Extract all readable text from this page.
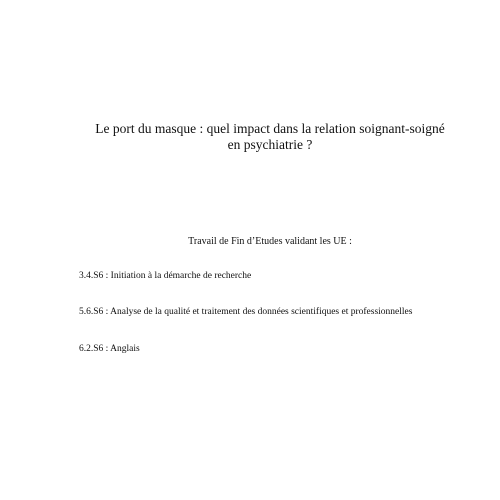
Le port du masque : quel impact dans la relation soignant-soigné
en psychiatrie ?
Travail de Fin d’Etudes validant les UE :
3.4.S6 : Initiation à la démarche de recherche
5.6.S6 : Analyse de la qualité et traitement des données scientifiques et professionnelles
6.2.S6 : Anglais
